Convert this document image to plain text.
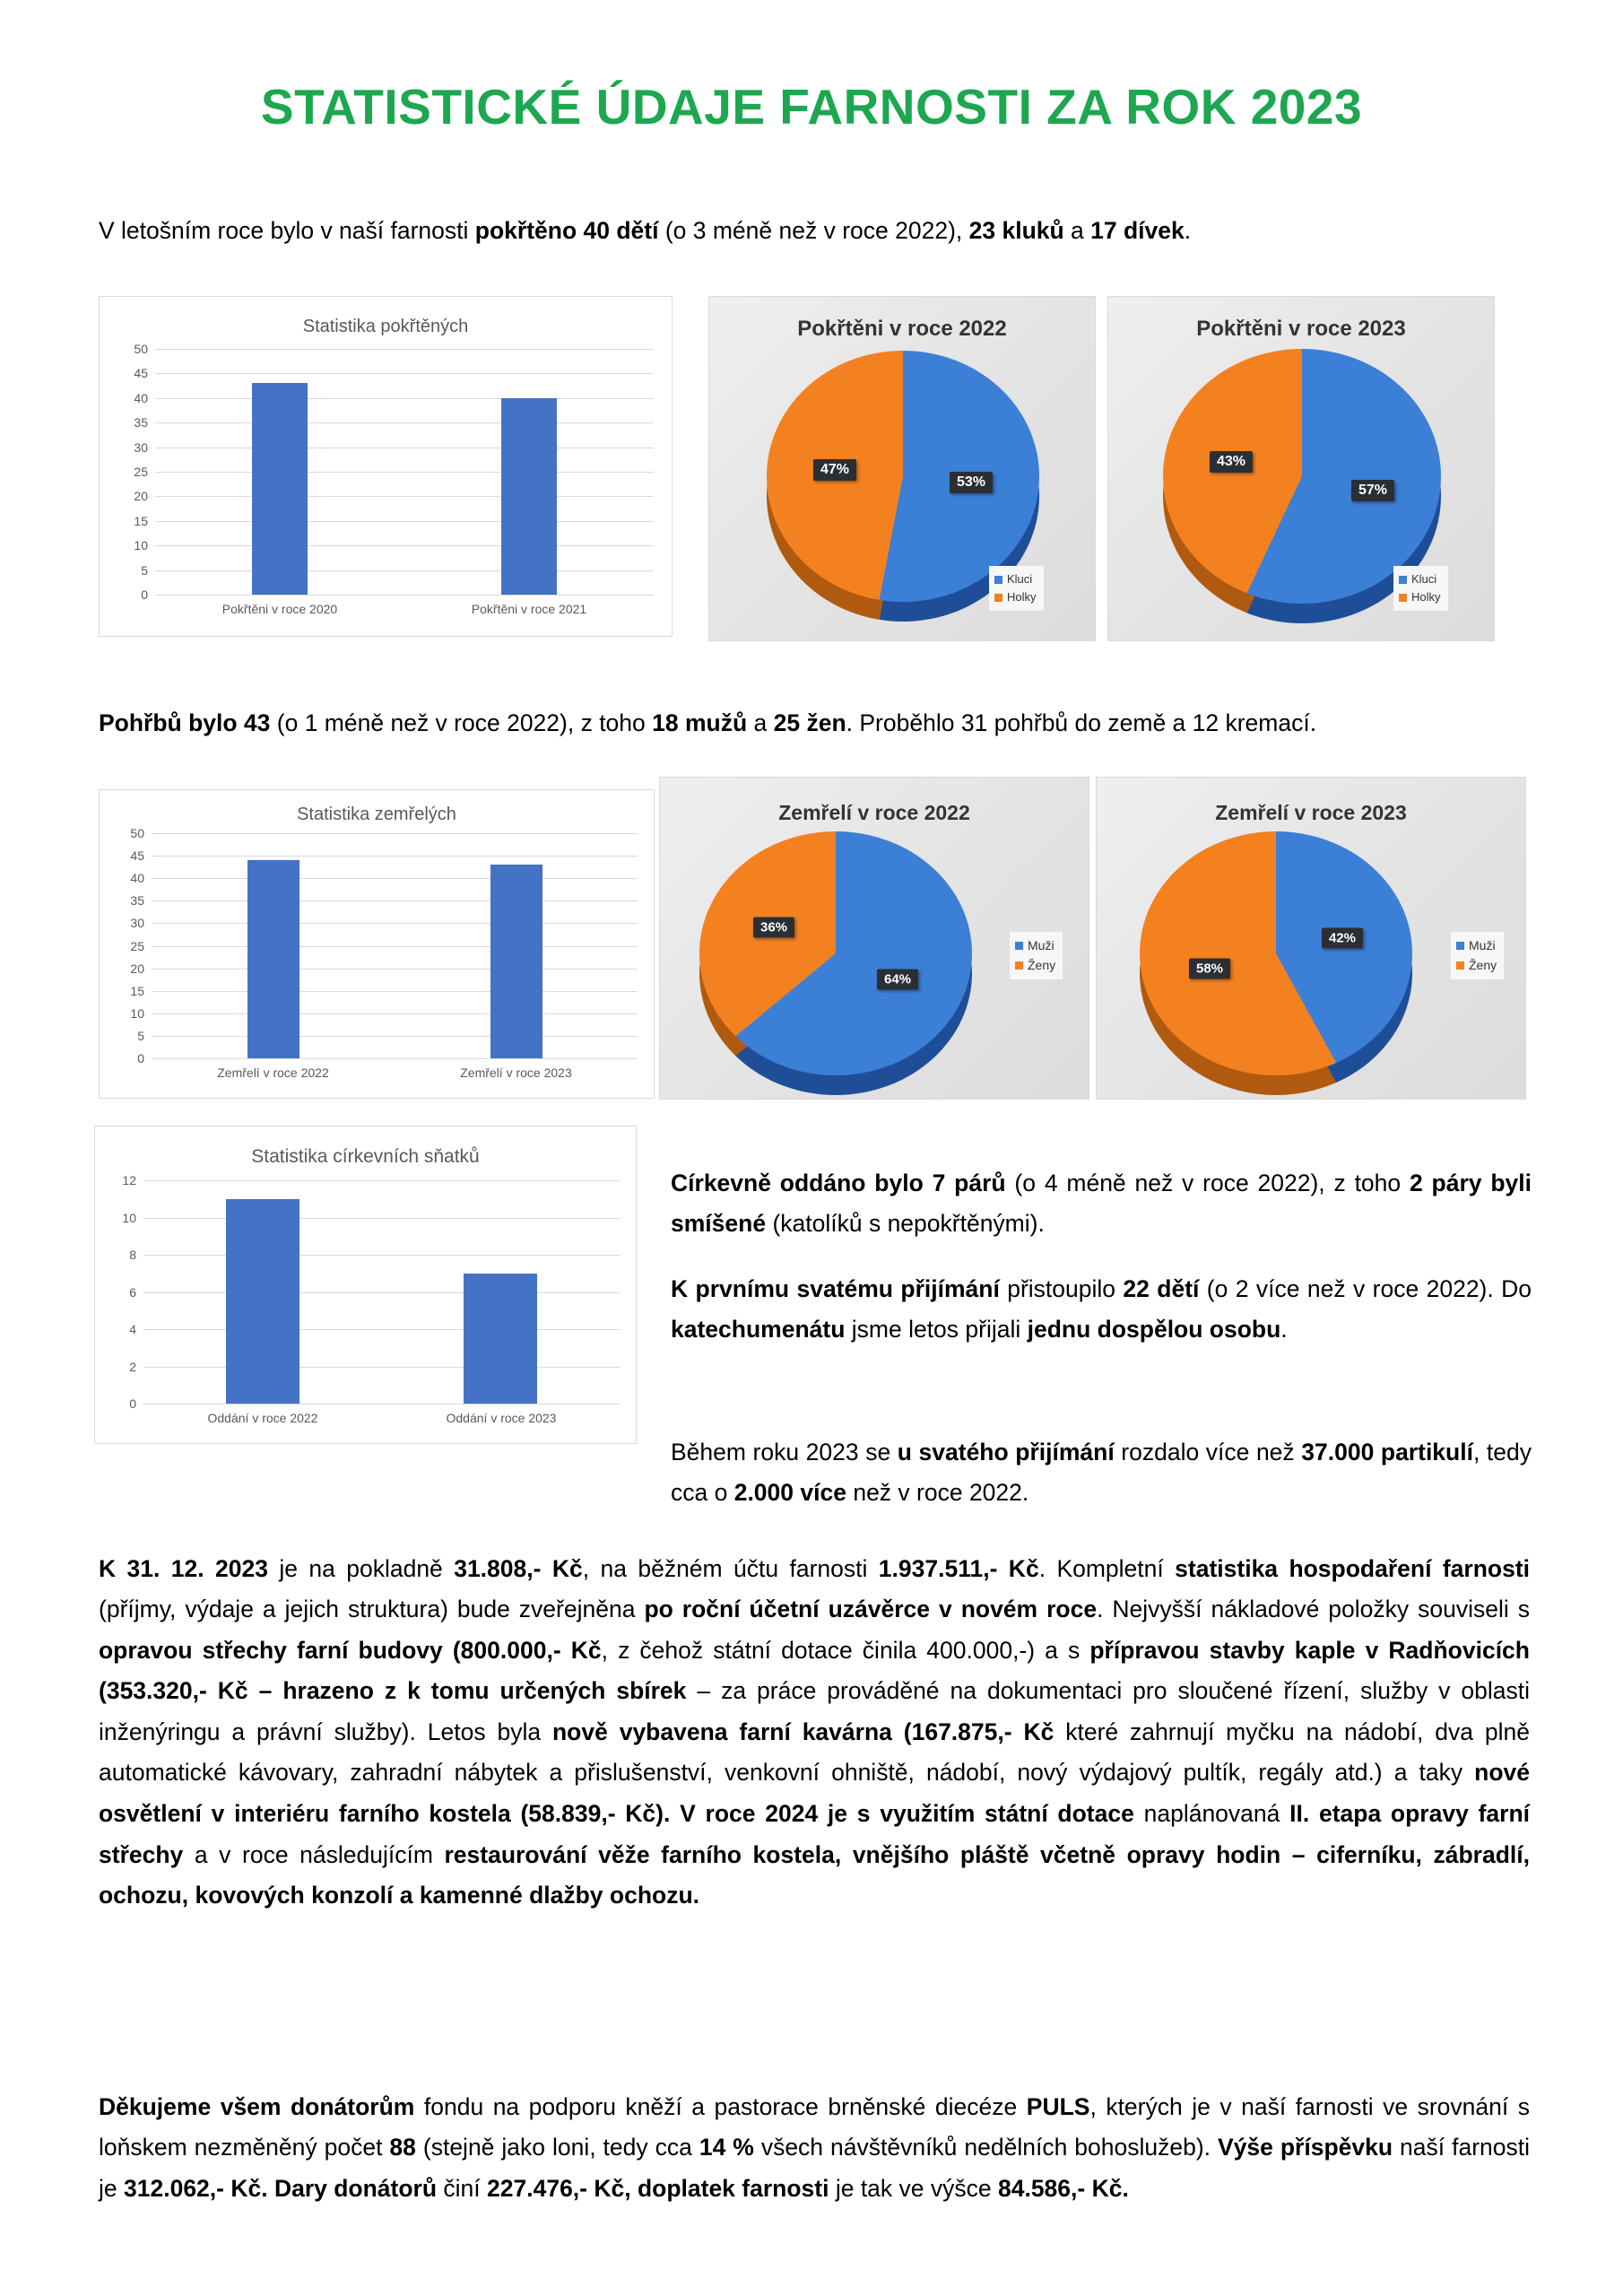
STATISTICKÉ ÚDAJE FARNOSTI ZA ROK 2023

V letošním roce bylo v naší farnosti pokřtěno 40 dětí (o 3 méně než v roce 2022), 23 kluků a 17 dívek.

Statistika pokřtěných
0
5
10
15
20
25
30
35
40
45
50
Pokřtěni v roce 2020	Pokřtěni v roce 2021
Pokřtěni v roce 2022
53%
47%
Kluci
Holky
Pokřtěni v roce 2023
57%
43%
Kluci
Holky

Pohřbů bylo 43 (o 1 méně než v roce 2022), z toho 18 mužů a 25 žen. Proběhlo 31 pohřbů do země a 12 kremací.

Statistika zemřelých
0
5
10
15
20
25
30
35
40
45
50
Zemřelí v roce 2022	Zemřelí v roce 2023
Zemřelí v roce 2022
64%
36%
Muži
Ženy
Zemřelí v roce 2023
42%
58%
Muži
Ženy
Statistika církevních sňatků
0
2
4
6
8
10
12
Oddání v roce 2022	Oddání v roce 2023

Církevně oddáno bylo 7 párů (o 4 méně než v roce 2022), z toho 2 páry byli smíšené (katolíků s nepokřtěnými).

K prvnímu svatému přijímání přistoupilo 22 dětí (o 2 více než v roce 2022). Do katechumenátu jsme letos přijali jednu dospělou osobu.

Během roku 2023 se u svatého přijímání rozdalo více než 37.000 partikulí, tedy cca o 2.000 více než v roce 2022.

K 31. 12. 2023 je na pokladně 31.808,- Kč, na běžném účtu farnosti 1.937.511,- Kč. Kompletní statistika hospodaření farnosti (příjmy, výdaje a jejich struktura) bude zveřejněna po roční účetní uzávěrce v novém roce. Nejvyšší nákladové položky souviseli s opravou střechy farní budovy (800.000,- Kč, z čehož státní dotace činila 400.000,-) a s přípravou stavby kaple v Radňovicích (353.320,- Kč – hrazeno z k tomu určených sbírek – za práce prováděné na dokumentaci pro sloučené řízení, služby v oblasti inženýringu a právní služby). Letos byla nově vybavena farní kavárna (167.875,- Kč které zahrnují myčku na nádobí, dva plně automatické kávovary, zahradní nábytek a přislušenství, venkovní ohniště, nádobí, nový výdajový pultík, regály atd.) a taky nové osvětlení v interiéru farního kostela (58.839,- Kč). V roce 2024 je s využitím státní dotace naplánovaná II. etapa opravy farní střechy a v roce následujícím restaurování věže farního kostela, vnějšího pláště včetně opravy hodin – ciferníku, zábradlí, ochozu, kovových konzolí a kamenné dlažby ochozu.

Děkujeme všem donátorům fondu na podporu kněží a pastorace brněnské diecéze PULS, kterých je v naší farnosti ve srovnání s loňskem nezměněný počet 88 (stejně jako loni, tedy cca 14 % všech návštěvníků nedělních bohoslužeb). Výše příspěvku naší farnosti je 312.062,- Kč. Dary donátorů činí 227.476,- Kč, doplatek farnosti je tak ve výšce 84.586,- Kč.
